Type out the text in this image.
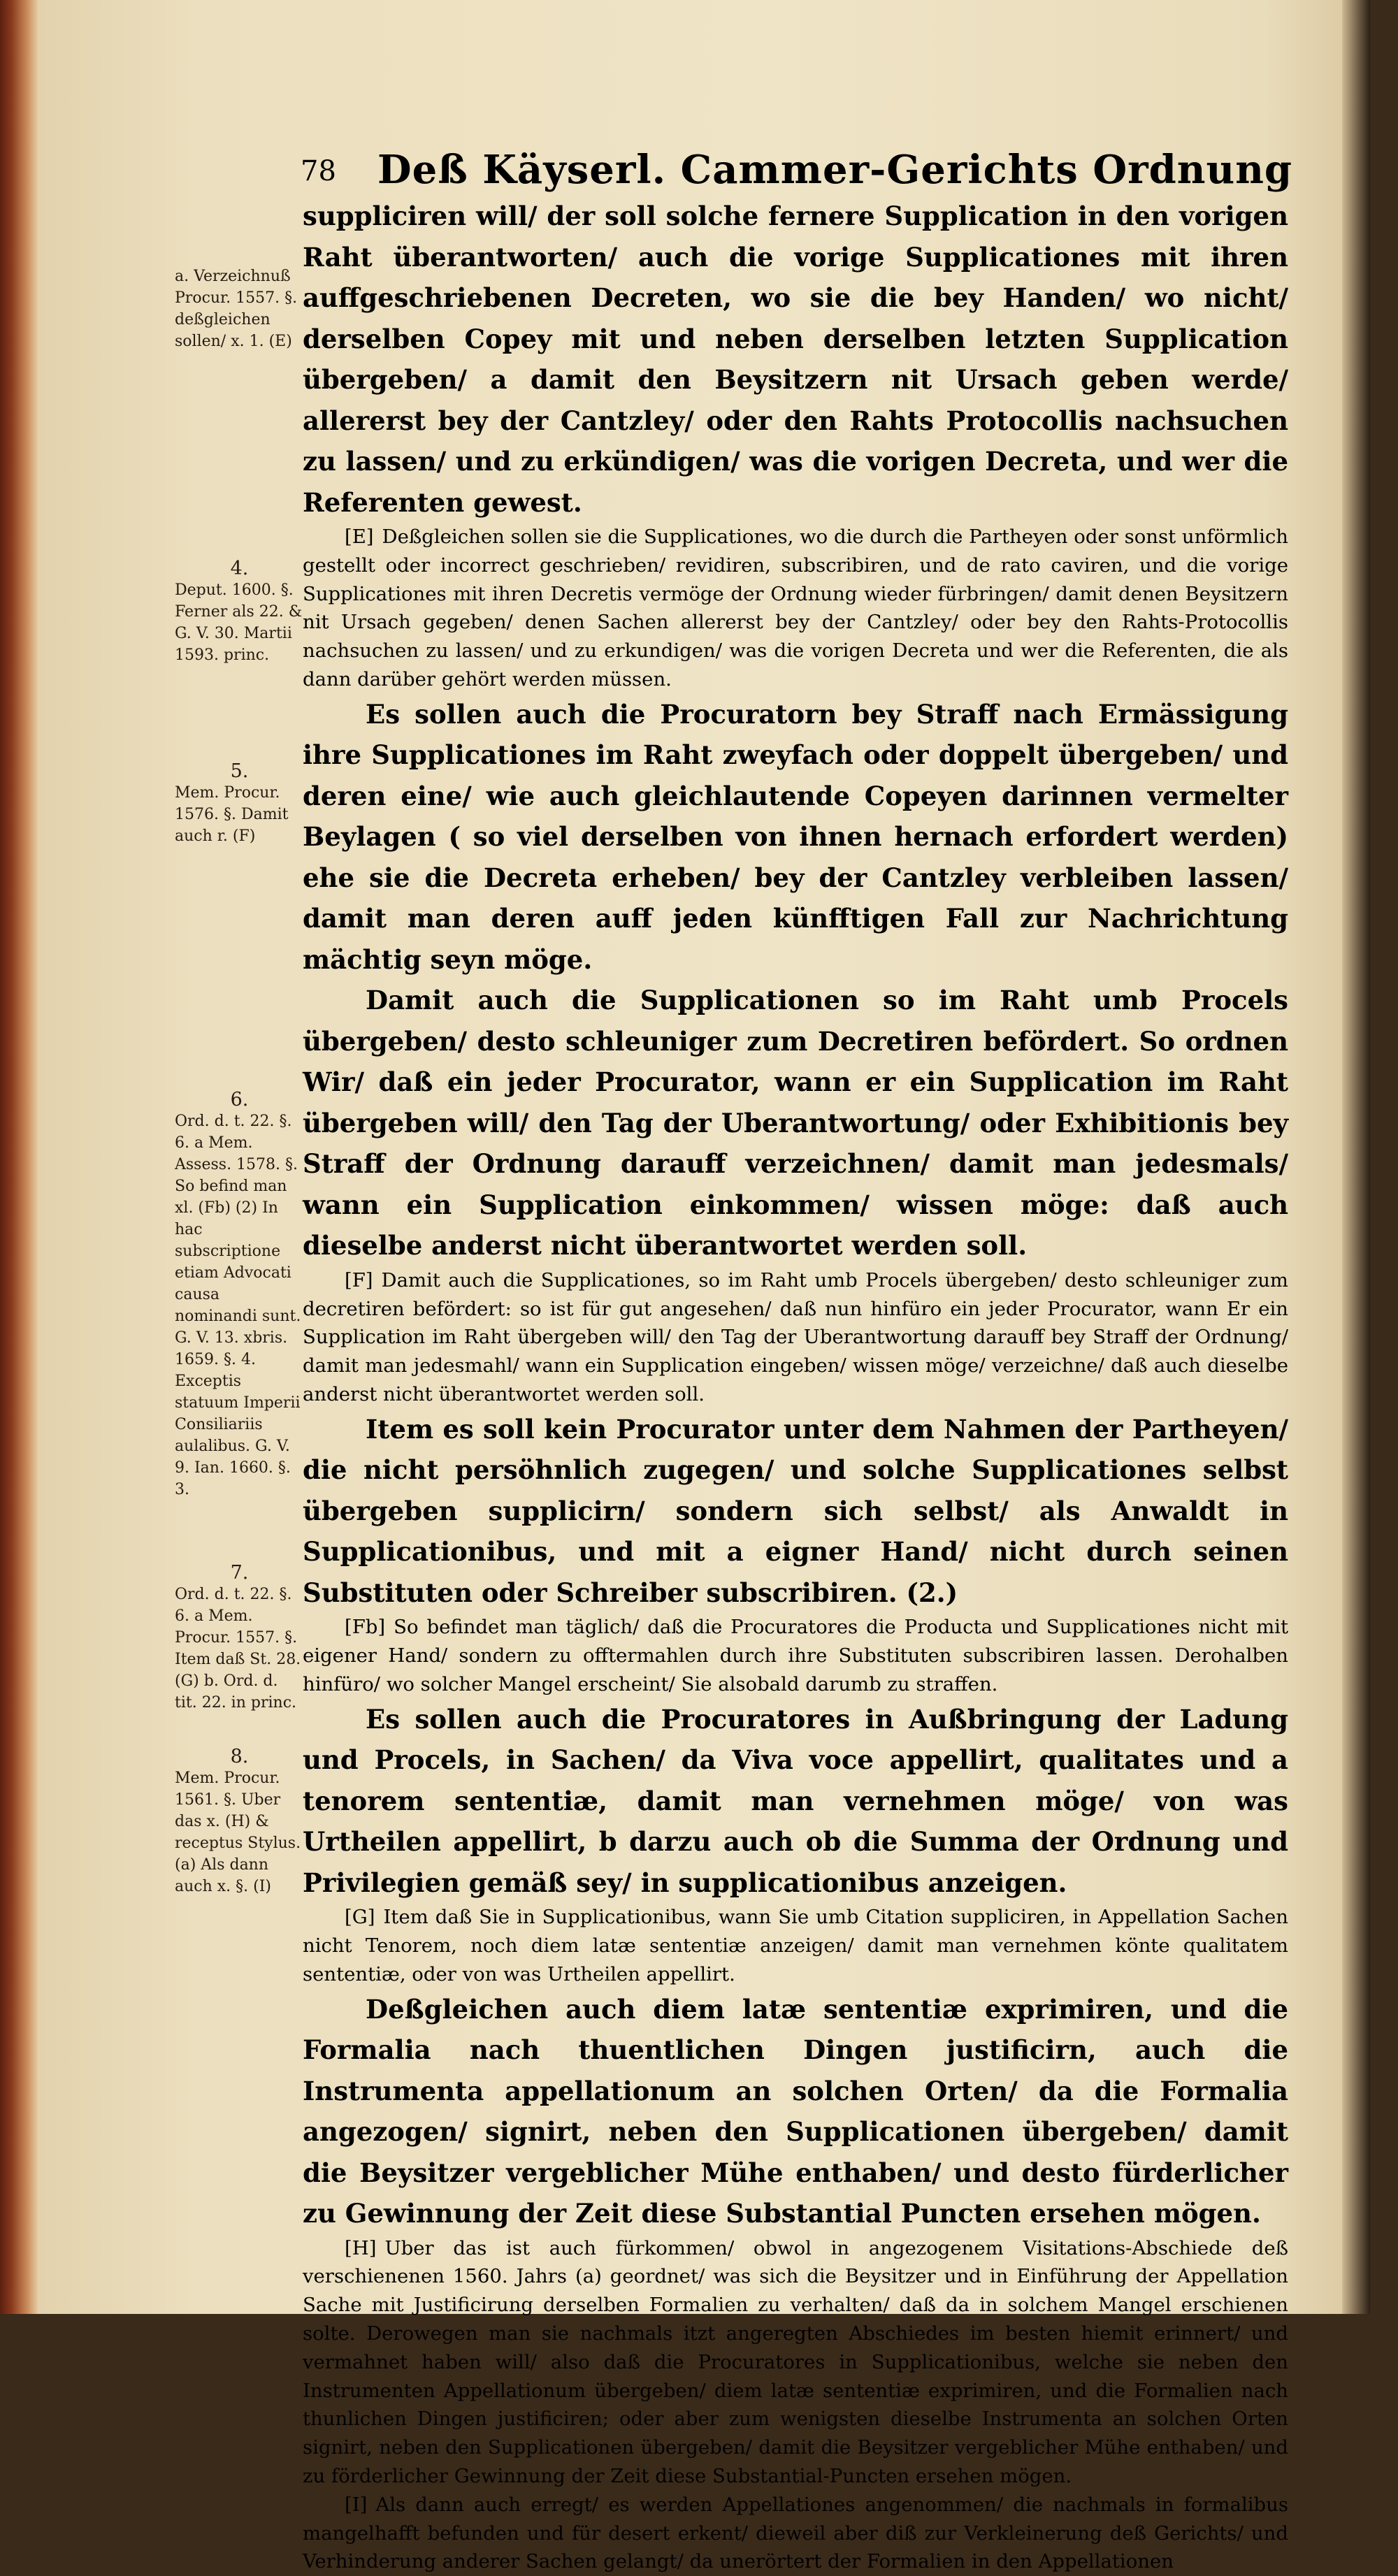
78 Deß Käyserl. Cammer-Gerichts Ordnung
a. Verzeichnuß Procur. 1557. §. deßgleichen sollen/ x. 1. (E)
4.
Deput. 1600. §. Ferner als 22. & G. V. 30. Martii 1593. princ.
5.
Mem. Procur. 1576. §. Damit auch r. (F)
6.
Ord. d. t. 22. §. 6. a Mem. Assess. 1578. §. So befind man xl. (Fb) (2) In hac subscriptione etiam Advocati causa nominandi sunt. G. V. 13. xbris. 1659. §. 4. Exceptis statuum Imperii Consiliariis aulalibus. G. V. 9. Ian. 1660. §. 3.
7.
Ord. d. t. 22. §. 6. a Mem. Procur. 1557. §. Item daß St. 28. (G) b. Ord. d. tit. 22. in princ.
8.
Mem. Procur. 1561. §. Uber das x. (H) & receptus Stylus. (a) Als dann auch x. §. (I)

suppliciren will/ der soll solche fernere Supplication in den vorigen Raht überantworten/ auch die vorige Supplicationes mit ihren auffgeschriebenen Decreten, wo sie die bey Handen/ wo nicht/ derselben Copey mit und neben derselben letzten Supplication übergeben/ a damit den Beysitzern nit Ursach geben werde/ allererst bey der Cantzley/ oder den Rahts Protocollis nachsuchen zu lassen/ und zu erkündigen/ was die vorigen Decreta, und wer die Referenten gewest.

[E] Deßgleichen sollen sie die Supplicationes, wo die durch die Partheyen oder sonst unförmlich gestellt oder incorrect geschrieben/ revidiren, subscribiren, und de rato caviren, und die vorige Supplicationes mit ihren Decretis vermöge der Ordnung wieder fürbringen/ damit denen Beysitzern nit Ursach gegeben/ denen Sachen allererst bey der Cantzley/ oder bey den Rahts-Protocollis nachsuchen zu lassen/ und zu erkundigen/ was die vorigen Decreta und wer die Referenten, die als dann darüber gehört werden müssen.

Es sollen auch die Procuratorn bey Straff nach Ermässigung ihre Supplicationes im Raht zweyfach oder doppelt übergeben/ und deren eine/ wie auch gleichlautende Copeyen darinnen vermelter Beylagen ( so viel derselben von ihnen hernach erfordert werden) ehe sie die Decreta erheben/ bey der Cantzley verbleiben lassen/ damit man deren auff jeden künfftigen Fall zur Nachrichtung mächtig seyn möge.

Damit auch die Supplicationen so im Raht umb Procels übergeben/ desto schleuniger zum Decretiren befördert. So ordnen Wir/ daß ein jeder Procurator, wann er ein Supplication im Raht übergeben will/ den Tag der Uberantwortung/ oder Exhibitionis bey Straff der Ordnung darauff verzeichnen/ damit man jedesmals/ wann ein Supplication einkommen/ wissen möge: daß auch dieselbe anderst nicht überantwortet werden soll.

[F] Damit auch die Supplicationes, so im Raht umb Procels übergeben/ desto schleuniger zum decretiren befördert: so ist für gut angesehen/ daß nun hinfüro ein jeder Procurator, wann Er ein Supplication im Raht übergeben will/ den Tag der Uberantwortung darauff bey Straff der Ordnung/ damit man jedesmahl/ wann ein Supplication eingeben/ wissen möge/ verzeichne/ daß auch dieselbe anderst nicht überantwortet werden soll.

Item es soll kein Procurator unter dem Nahmen der Partheyen/ die nicht persöhnlich zugegen/ und solche Supplicationes selbst übergeben supplicirn/ sondern sich selbst/ als Anwaldt in Supplicationibus, und mit a eigner Hand/ nicht durch seinen Substituten oder Schreiber subscribiren. (2.)

[Fb] So befindet man täglich/ daß die Procuratores die Producta und Supplicationes nicht mit eigener Hand/ sondern zu offtermahlen durch ihre Substituten subscribiren lassen. Derohalben hinfüro/ wo solcher Mangel erscheint/ Sie alsobald darumb zu straffen.

Es sollen auch die Procuratores in Außbringung der Ladung und Procels, in Sachen/ da Viva voce appellirt, qualitates und a tenorem sententiæ, damit man vernehmen möge/ von was Urtheilen appellirt, b darzu auch ob die Summa der Ordnung und Privilegien gemäß sey/ in supplicationibus anzeigen.

[G] Item daß Sie in Supplicationibus, wann Sie umb Citation suppliciren, in Appellation Sachen nicht Tenorem, noch diem latæ sententiæ anzeigen/ damit man vernehmen könte qualitatem sententiæ, oder von was Urtheilen appellirt.

Deßgleichen auch diem latæ sententiæ exprimiren, und die Formalia nach thuentlichen Dingen justificirn, auch die Instrumenta appellationum an solchen Orten/ da die Formalia angezogen/ signirt, neben den Supplicationen übergeben/ damit die Beysitzer vergeblicher Mühe enthaben/ und desto fürderlicher zu Gewinnung der Zeit diese Substantial Puncten ersehen mögen.

[H] Uber das ist auch fürkommen/ obwol in angezogenem Visitations-Abschiede deß verschienenen 1560. Jahrs (a) geordnet/ was sich die Beysitzer und in Einführung der Appellation Sache mit Justificirung derselben Formalien zu verhalten/ daß da in solchem Mangel erschienen solte. Derowegen man sie nachmals itzt angeregten Abschiedes im besten hiemit erinnert/ und vermahnet haben will/ also daß die Procuratores in Supplicationibus, welche sie neben den Instrumenten Appellationum übergeben/ diem latæ sententiæ exprimiren, und die Formalien nach thunlichen Dingen justificiren; oder aber zum wenigsten dieselbe Instrumenta an solchen Orten signirt, neben den Supplicationen übergeben/ damit die Beysitzer vergeblicher Mühe enthaben/ und zu förderlicher Gewinnung der Zeit diese Substantial-Puncten ersehen mögen.

[I] Als dann auch erregt/ es werden Appellationes angenommen/ die nachmals in formalibus mangelhafft befunden und für desert erkent/ dieweil aber diß zur Verkleinerung deß Gerichts/ und Verhinderung anderer Sachen gelangt/ da unerörtert der Formalien in den Appellationen
